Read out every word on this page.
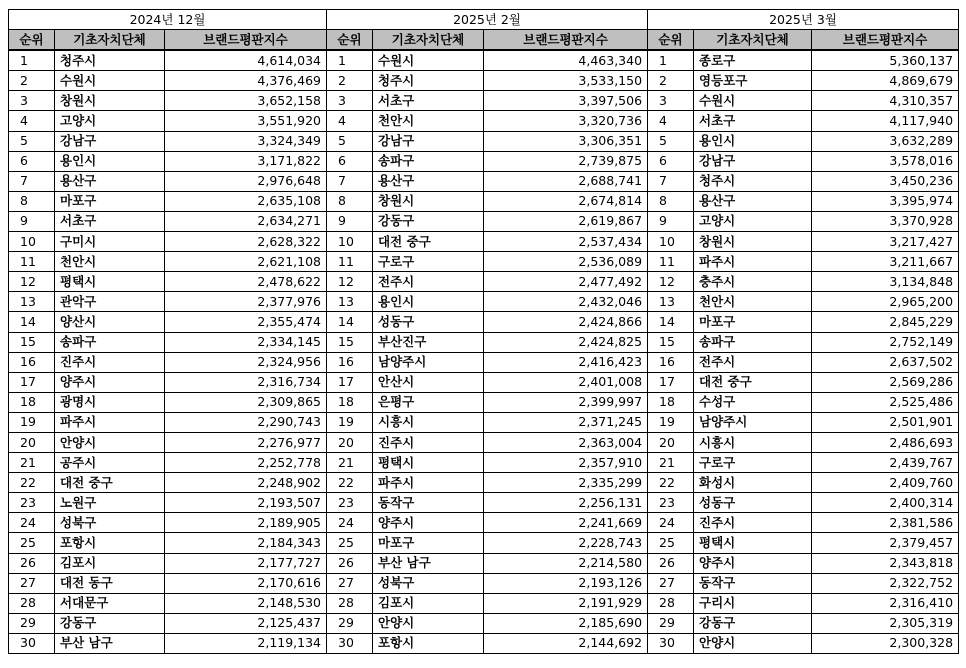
2024년 12월		
순위	기초자치단체	브랜드평판지수
1	청주시	4,614,034
2	수원시	4,376,469
3	창원시	3,652,158
4	고양시	3,551,920
5	강남구	3,324,349
6	용인시	3,171,822
7	용산구	2,976,648
8	마포구	2,635,108
9	서초구	2,634,271
10	구미시	2,628,322
11	천안시	2,621,108
12	평택시	2,478,622
13	관악구	2,377,976
14	양산시	2,355,474
15	송파구	2,334,145
16	진주시	2,324,956
17	양주시	2,316,734
18	광명시	2,309,865
19	파주시	2,290,743
20	안양시	2,276,977
21	공주시	2,252,778
22	대전 중구	2,248,902
23	노원구	2,193,507
24	성북구	2,189,905
25	포항시	2,184,343
26	김포시	2,177,727
27	대전 동구	2,170,616
28	서대문구	2,148,530
29	강동구	2,125,437
30	부산 남구	2,119,134
2025년 2월		
순위	기초자치단체	브랜드평판지수
1	수원시	4,463,340
2	청주시	3,533,150
3	서초구	3,397,506
4	천안시	3,320,736
5	강남구	3,306,351
6	송파구	2,739,875
7	용산구	2,688,741
8	창원시	2,674,814
9	강동구	2,619,867
10	대전 중구	2,537,434
11	구로구	2,536,089
12	전주시	2,477,492
13	용인시	2,432,046
14	성동구	2,424,866
15	부산진구	2,424,825
16	남양주시	2,416,423
17	안산시	2,401,008
18	은평구	2,399,997
19	시흥시	2,371,245
20	진주시	2,363,004
21	평택시	2,357,910
22	파주시	2,335,299
23	동작구	2,256,131
24	양주시	2,241,669
25	마포구	2,228,743
26	부산 남구	2,214,580
27	성북구	2,193,126
28	김포시	2,191,929
29	안양시	2,185,690
30	포항시	2,144,692
2025년 3월		
순위	기초자치단체	브랜드평판지수
1	종로구	5,360,137
2	영등포구	4,869,679
3	수원시	4,310,357
4	서초구	4,117,940
5	용인시	3,632,289
6	강남구	3,578,016
7	청주시	3,450,236
8	용산구	3,395,974
9	고양시	3,370,928
10	창원시	3,217,427
11	파주시	3,211,667
12	충주시	3,134,848
13	천안시	2,965,200
14	마포구	2,845,229
15	송파구	2,752,149
16	전주시	2,637,502
17	대전 중구	2,569,286
18	수성구	2,525,486
19	남양주시	2,501,901
20	시흥시	2,486,693
21	구로구	2,439,767
22	화성시	2,409,760
23	성동구	2,400,314
24	진주시	2,381,586
25	평택시	2,379,457
26	양주시	2,343,818
27	동작구	2,322,752
28	구리시	2,316,410
29	강동구	2,305,319
30	안양시	2,300,328
